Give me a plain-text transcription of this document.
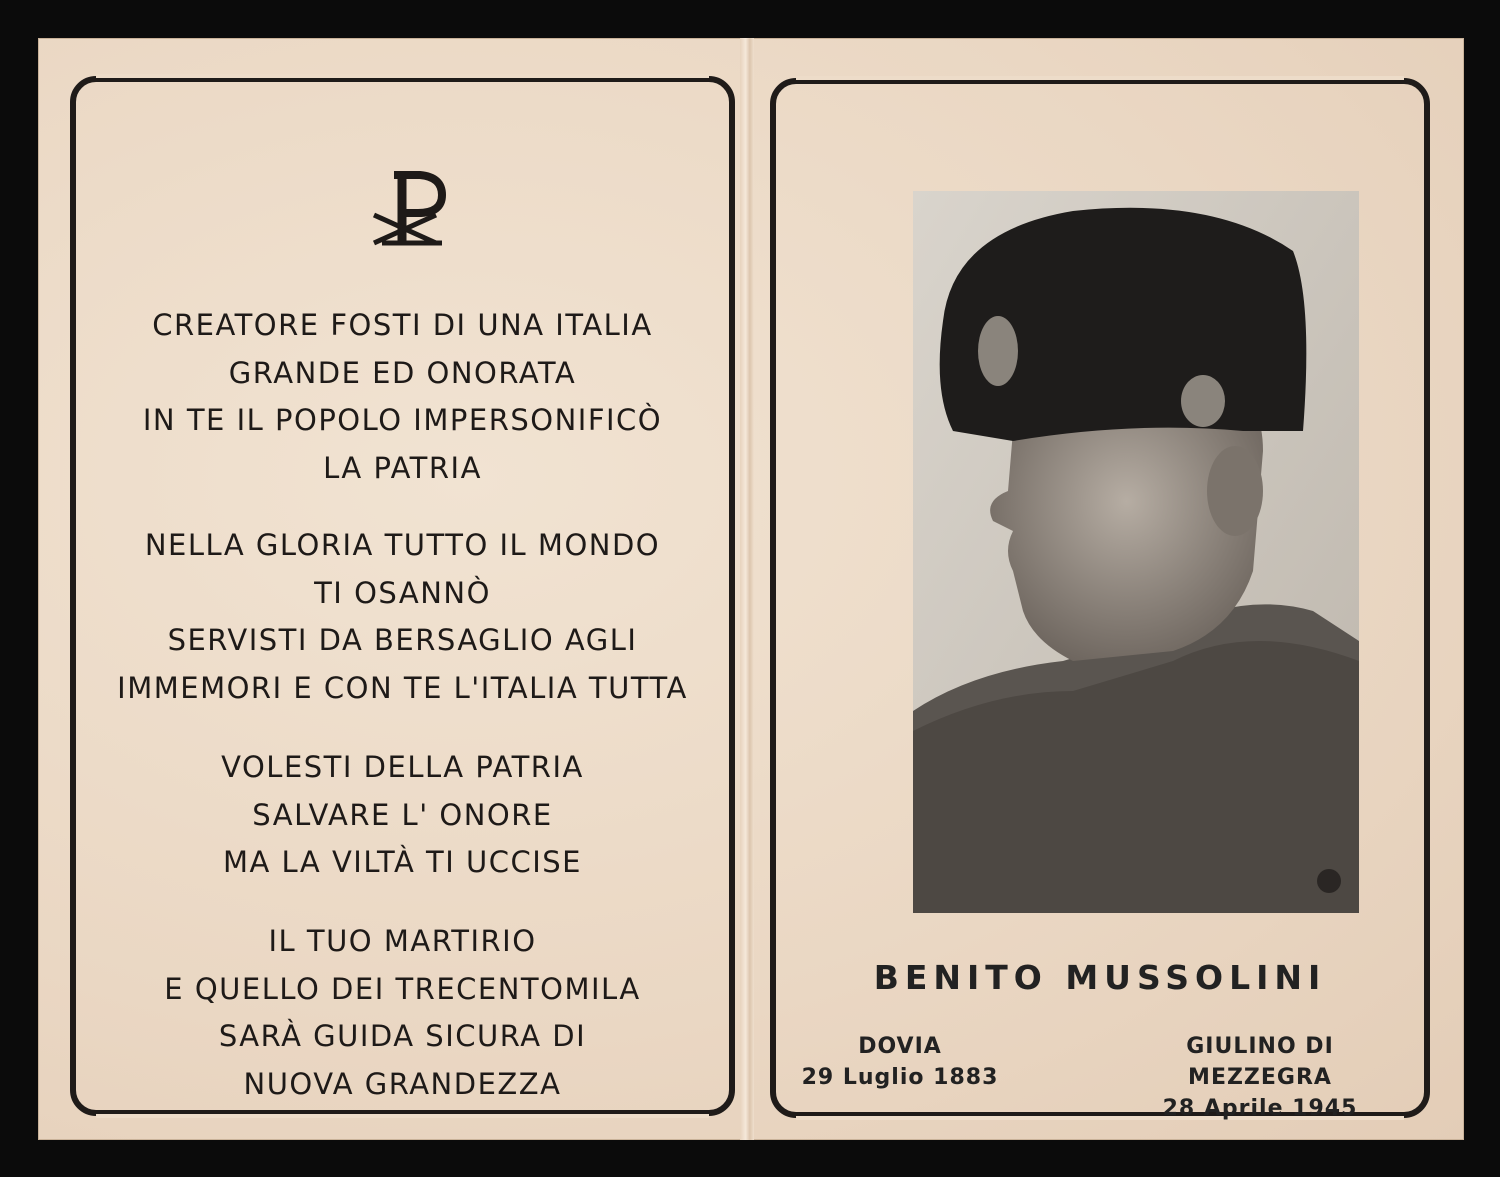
CREATORE FOSTI DI UNA ITALIA
GRANDE ED ONORATA
IN TE IL POPOLO IMPERSONIFICÒ
LA PATRIA
NELLA GLORIA TUTTO IL MONDO
TI OSANNÒ
SERVISTI DA BERSAGLIO AGLI
IMMEMORI E CON TE L'ITALIA TUTTA
VOLESTI DELLA PATRIA
SALVARE L' ONORE
MA LA VILTÀ TI UCCISE
IL TUO MARTIRIO
E QUELLO DEI TRECENTOMILA
SARÀ GUIDA SICURA DI
NUOVA GRANDEZZA
BENITO MUSSOLINI
DOVIA
29 Luglio 1883
GIULINO DI MEZZEGRA
28 Aprile 1945
